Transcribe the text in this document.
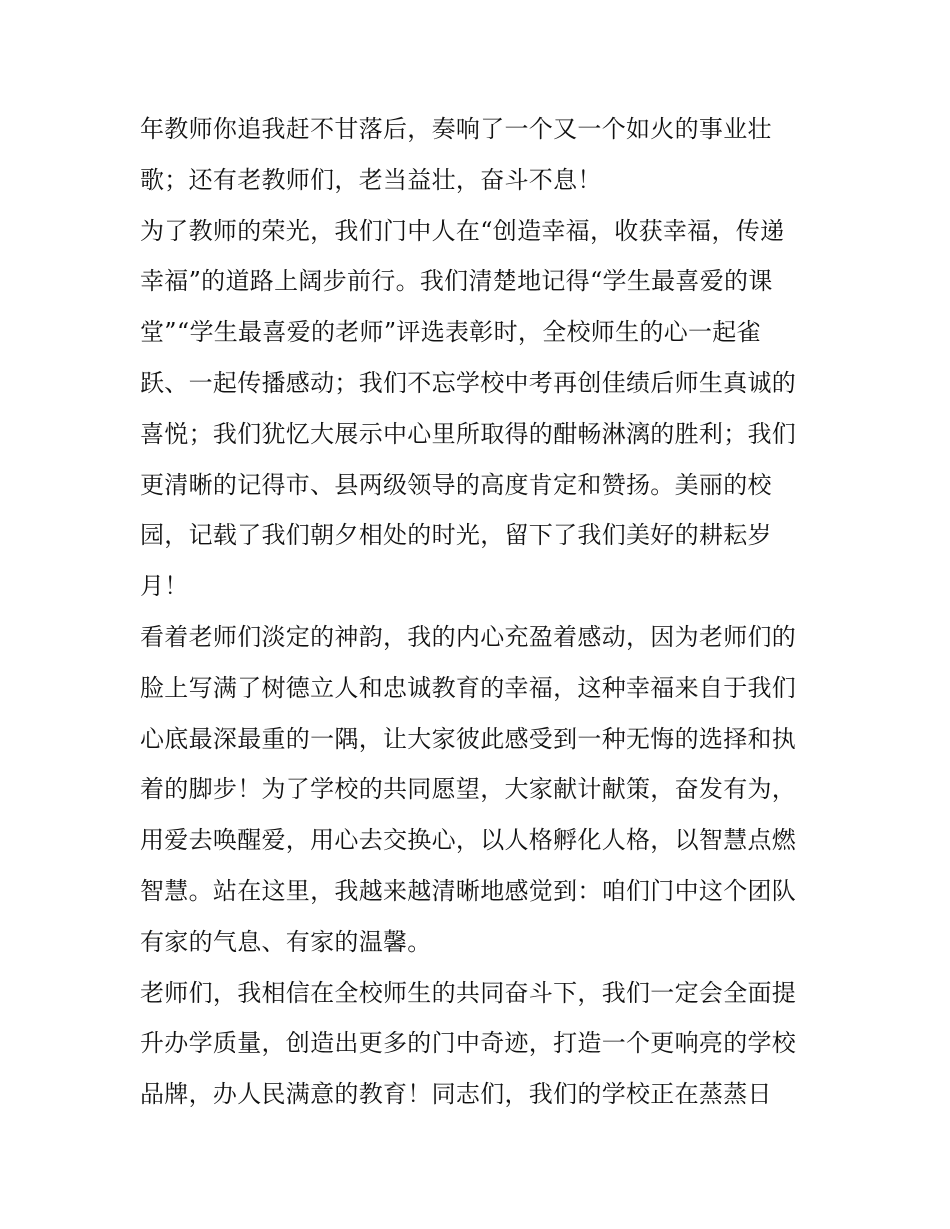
年教师你追我赶不甘落后，奏响了一个又一个如火的事业壮
歌；还有老教师们，老当益壮，奋斗不息！
为了教师的荣光，我们门中人在“创造幸福，收获幸福，传递
幸福”的道路上阔步前行。我们清楚地记得“学生最喜爱的课
堂”“学生最喜爱的老师”评选表彰时，全校师生的心一起雀
跃、一起传播感动；我们不忘学校中考再创佳绩后师生真诚的
喜悦；我们犹忆大展示中心里所取得的酣畅淋漓的胜利；我们
更清晰的记得市、县两级领导的高度肯定和赞扬。美丽的校
园，记载了我们朝夕相处的时光，留下了我们美好的耕耘岁
月！
看着老师们淡定的神韵，我的内心充盈着感动，因为老师们的
脸上写满了树德立人和忠诚教育的幸福，这种幸福来自于我们
心底最深最重的一隅，让大家彼此感受到一种无悔的选择和执
着的脚步！为了学校的共同愿望，大家献计献策，奋发有为，
用爱去唤醒爱，用心去交换心，以人格孵化人格，以智慧点燃
智慧。站在这里，我越来越清晰地感觉到：咱们门中这个团队
有家的气息、有家的温馨。
老师们，我相信在全校师生的共同奋斗下，我们一定会全面提
升办学质量，创造出更多的门中奇迹，打造一个更响亮的学校
品牌，办人民满意的教育！同志们，我们的学校正在蒸蒸日
